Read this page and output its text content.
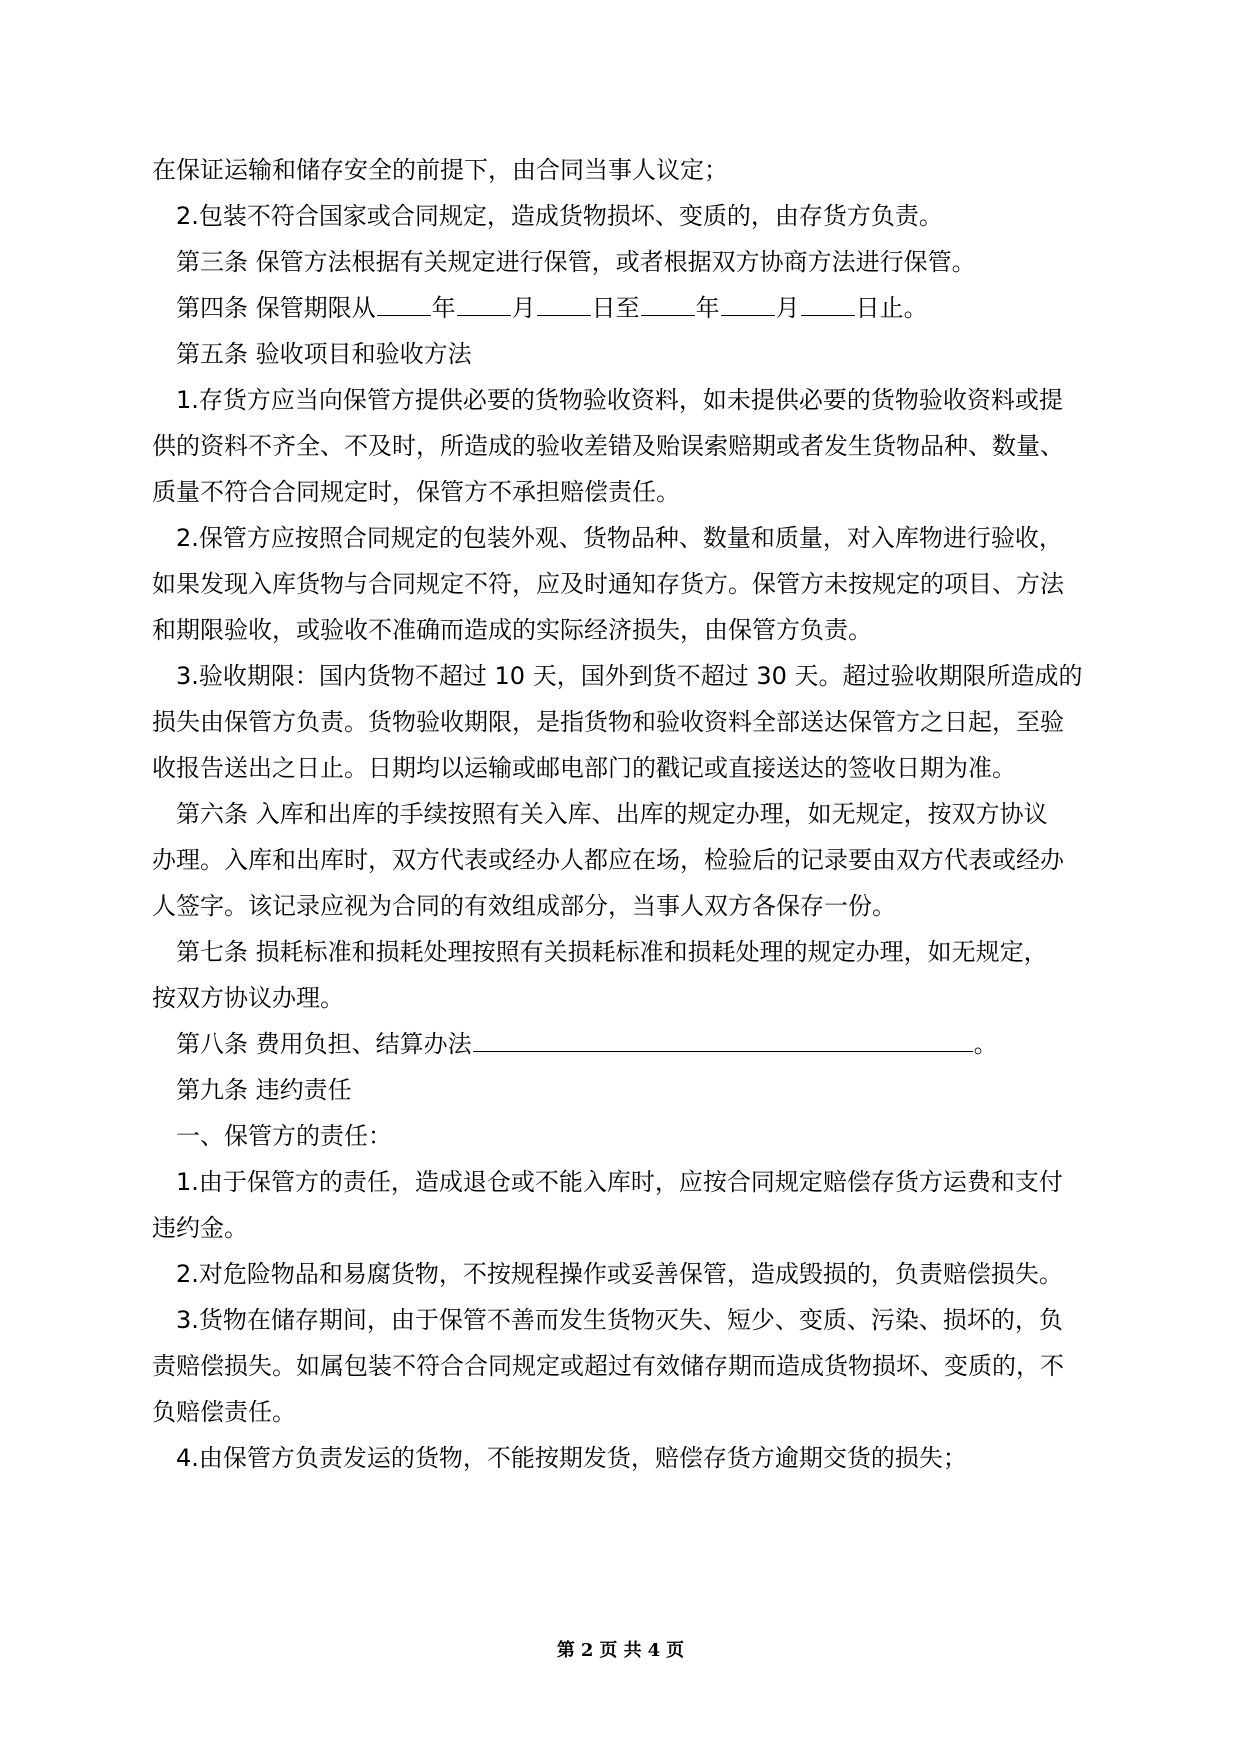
在保证运输和储存安全的前提下，由合同当事人议定；
2.包装不符合国家或合同规定，造成货物损坏、变质的，由存货方负责。
第三条 保管方法根据有关规定进行保管，或者根据双方协商方法进行保管。
第四条 保管期限从 年 月 日至 年 月 日止。
第五条 验收项目和验收方法
1.存货方应当向保管方提供必要的货物验收资料，如未提供必要的货物验收资料或提
供的资料不齐全、不及时，所造成的验收差错及贻误索赔期或者发生货物品种、数量、
质量不符合合同规定时，保管方不承担赔偿责任。
2.保管方应按照合同规定的包装外观、货物品种、数量和质量，对入库物进行验收，
如果发现入库货物与合同规定不符，应及时通知存货方。保管方未按规定的项目、方法
和期限验收，或验收不准确而造成的实际经济损失，由保管方负责。
3.验收期限：国内货物不超过 10 天，国外到货不超过 30 天。超过验收期限所造成的
损失由保管方负责。货物验收期限，是指货物和验收资料全部送达保管方之日起，至验
收报告送出之日止。日期均以运输或邮电部门的戳记或直接送达的签收日期为准。
第六条 入库和出库的手续按照有关入库、出库的规定办理，如无规定，按双方协议
办理。入库和出库时，双方代表或经办人都应在场，检验后的记录要由双方代表或经办
人签字。该记录应视为合同的有效组成部分，当事人双方各保存一份。
第七条 损耗标准和损耗处理按照有关损耗标准和损耗处理的规定办理，如无规定，
按双方协议办理。
第八条 费用负担、结算办法	。
第九条 违约责任
一、保管方的责任：
1.由于保管方的责任，造成退仓或不能入库时，应按合同规定赔偿存货方运费和支付
违约金。
2.对危险物品和易腐货物，不按规程操作或妥善保管，造成毁损的，负责赔偿损失。
3.货物在储存期间，由于保管不善而发生货物灭失、短少、变质、污染、损坏的，负
责赔偿损失。如属包装不符合合同规定或超过有效储存期而造成货物损坏、变质的，不
负赔偿责任。
4.由保管方负责发运的货物，不能按期发货，赔偿存货方逾期交货的损失；
第 2 页 共 4 页
